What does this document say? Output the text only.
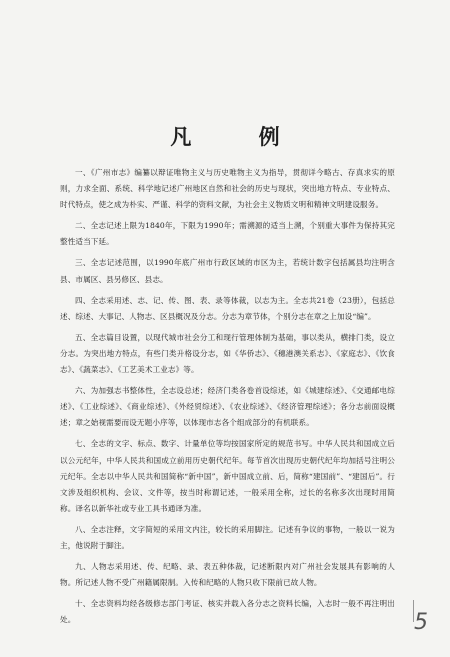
凡 例

一、《广州市志》编纂以辩证唯物主义与历史唯物主义为指导，贯彻详今略古、存真求实的原则，力求全面、系统、科学地记述广州地区自然和社会的历史与现状，突出地方特点、专业特点、时代特点，使之成为朴实、严谨、科学的资料文献，为社会主义物质文明和精神文明建设服务。

二、全志记述上限为1840年，下限为1990年；需溯源的适当上溯，个别重大事件为保持其完整性适当下延。

三、全志记述范围，以1990年底广州市行政区域的市区为主，若统计数字包括属县均注明含县、市属区、县另修区、县志。

四、全志采用述、志、记、传、图、表、录等体裁，以志为主。全志共21卷（23册），包括总述、综述、大事记、人物志、区县概况及分志。分志为章节体，个别分志在章之上加设“编”。

五、全志篇目设置，以现代城市社会分工和现行管理体制为基础，事以类从，横排门类，设立分志。为突出地方特点，有些门类升格设分志，如《华侨志》、《穗港澳关系志》、《家庭志》、《饮食志》、《蔬菜志》、《工艺美术工业志》等。

六、为加强志书整体性，全志设总述；经济门类各卷首设综述，如《城建综述》、《交通邮电综述》、《工业综述》、《商业综述》、《外经贸综述》、《农业综述》、《经济管理综述》；各分志前面设概述；章之始视需要而设无题小序等，以体现市志各个组成部分的有机联系。

七、全志的文字、标点、数字、计量单位等均按国家所定的规范书写。中华人民共和国成立后以公元纪年，中华人民共和国成立前用历史朝代纪年。每节首次出现历史朝代纪年均加括号注明公元纪年。全志以中华人民共和国简称“新中国”，新中国成立前、后，简称“建国前”、“建国后”。行文涉及组织机构、会议、文件等，按当时称谓记述，一般采用全称，过长的名称多次出现时用简称。译名以新华社或专业工具书通译为准。

八、全志注释，文字简短的采用文内注，较长的采用脚注。记述有争议的事物，一般以一说为主，他说附于脚注。

九、人物志采用述、传、纪略、录、表五种体裁，记述断限内对广州社会发展具有影响的人物。所记述人物不受广州籍属限制。入传和纪略的人物只收下限前已故人物。

十、全志资料均经各级修志部门考证、核实并载入各分志之资料长编，入志时一般不再注明出处。	5
